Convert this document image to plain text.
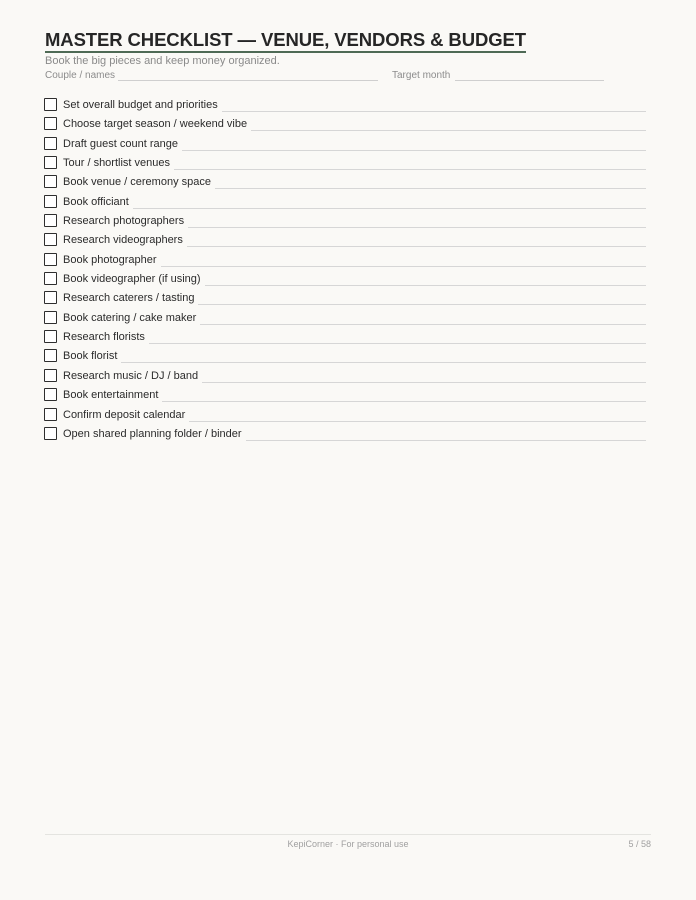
MASTER CHECKLIST — VENUE, VENDORS & BUDGET
Book the big pieces and keep money organized.
Couple / names	Target month
Set overall budget and priorities
Choose target season / weekend vibe
Draft guest count range
Tour / shortlist venues
Book venue / ceremony space
Book officiant
Research photographers
Research videographers
Book photographer
Book videographer (if using)
Research caterers / tasting
Book catering / cake maker
Research florists
Book florist
Research music / DJ / band
Book entertainment
Confirm deposit calendar
Open shared planning folder / binder
KepiCorner · For personal use	5 / 58
